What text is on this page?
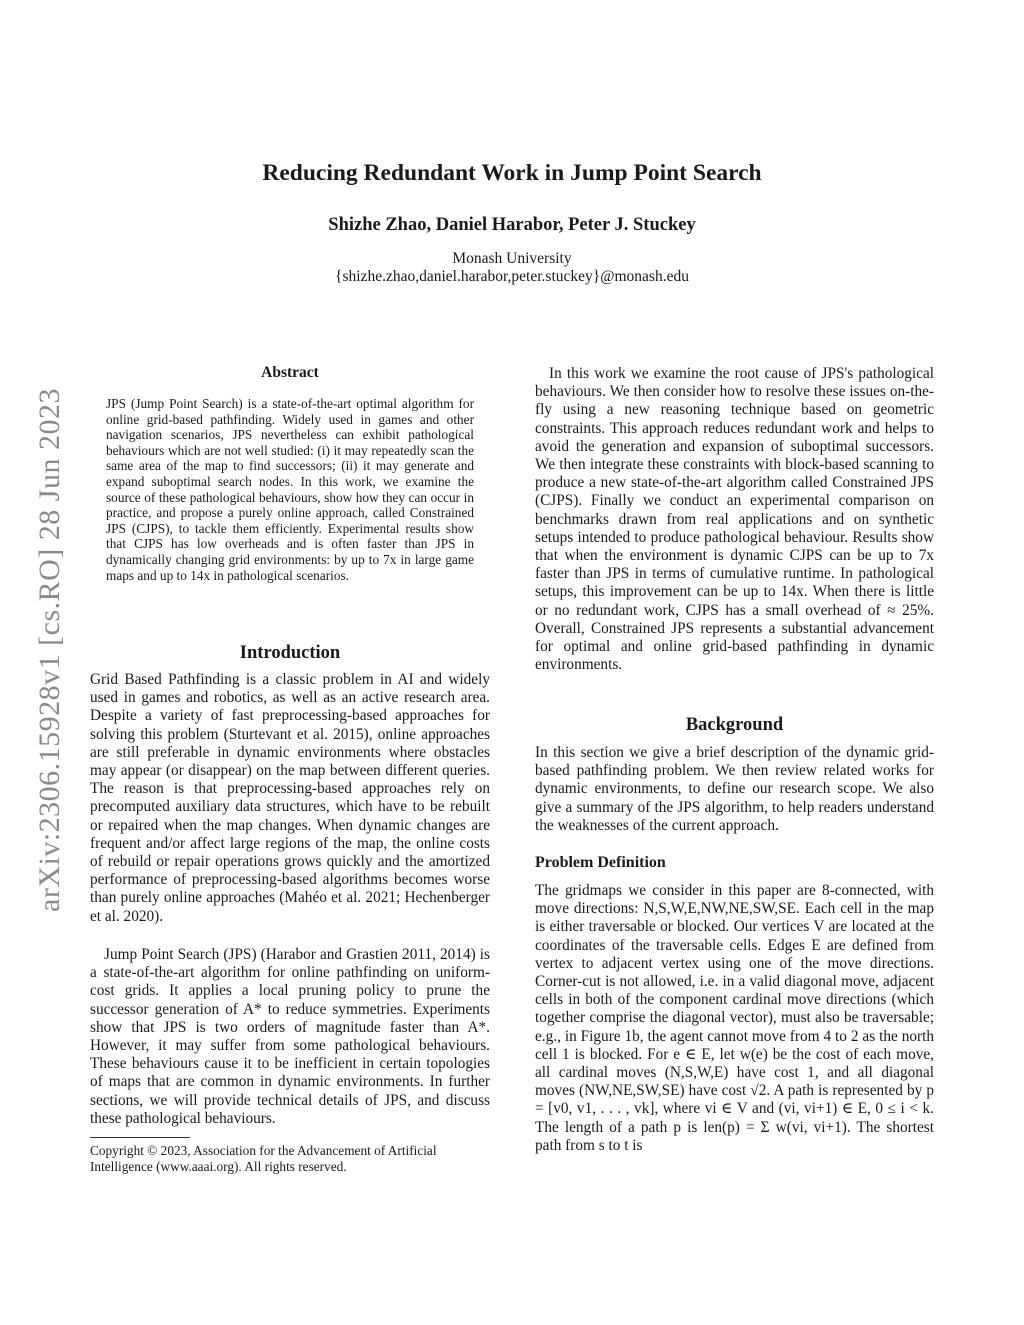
arXiv:2306.15928v1 [cs.RO] 28 Jun 2023
Reducing Redundant Work in Jump Point Search
Shizhe Zhao, Daniel Harabor, Peter J. Stuckey
Monash University
{shizhe.zhao,daniel.harabor,peter.stuckey}@monash.edu
Abstract
JPS (Jump Point Search) is a state-of-the-art optimal algorithm for online grid-based pathfinding. Widely used in games and other navigation scenarios, JPS nevertheless can exhibit pathological behaviours which are not well studied: (i) it may repeatedly scan the same area of the map to find successors; (ii) it may generate and expand suboptimal search nodes. In this work, we examine the source of these pathological behaviours, show how they can occur in practice, and propose a purely online approach, called Constrained JPS (CJPS), to tackle them efficiently. Experimental results show that CJPS has low overheads and is often faster than JPS in dynamically changing grid environments: by up to 7x in large game maps and up to 14x in pathological scenarios.
Introduction
Grid Based Pathfinding is a classic problem in AI and widely used in games and robotics, as well as an active research area. Despite a variety of fast preprocessing-based approaches for solving this problem (Sturtevant et al. 2015), online approaches are still preferable in dynamic environments where obstacles may appear (or disappear) on the map between different queries. The reason is that preprocessing-based approaches rely on precomputed auxiliary data structures, which have to be rebuilt or repaired when the map changes. When dynamic changes are frequent and/or affect large regions of the map, the online costs of rebuild or repair operations grows quickly and the amortized performance of preprocessing-based algorithms becomes worse than purely online approaches (Mahéo et al. 2021; Hechenberger et al. 2020).
Jump Point Search (JPS) (Harabor and Grastien 2011, 2014) is a state-of-the-art algorithm for online pathfinding on uniform-cost grids. It applies a local pruning policy to prune the successor generation of A* to reduce symmetries. Experiments show that JPS is two orders of magnitude faster than A*. However, it may suffer from some pathological behaviours. These behaviours cause it to be inefficient in certain topologies of maps that are common in dynamic environments. In further sections, we will provide technical details of JPS, and discuss these pathological behaviours.
Copyright © 2023, Association for the Advancement of Artificial Intelligence (www.aaai.org). All rights reserved.
In this work we examine the root cause of JPS's pathological behaviours. We then consider how to resolve these issues on-the-fly using a new reasoning technique based on geometric constraints. This approach reduces redundant work and helps to avoid the generation and expansion of suboptimal successors. We then integrate these constraints with block-based scanning to produce a new state-of-the-art algorithm called Constrained JPS (CJPS). Finally we conduct an experimental comparison on benchmarks drawn from real applications and on synthetic setups intended to produce pathological behaviour. Results show that when the environment is dynamic CJPS can be up to 7x faster than JPS in terms of cumulative runtime. In pathological setups, this improvement can be up to 14x. When there is little or no redundant work, CJPS has a small overhead of ≈ 25%. Overall, Constrained JPS represents a substantial advancement for optimal and online grid-based pathfinding in dynamic environments.
Background
In this section we give a brief description of the dynamic grid-based pathfinding problem. We then review related works for dynamic environments, to define our research scope. We also give a summary of the JPS algorithm, to help readers understand the weaknesses of the current approach.
Problem Definition
The gridmaps we consider in this paper are 8-connected, with move directions: N,S,W,E,NW,NE,SW,SE. Each cell in the map is either traversable or blocked. Our vertices V are located at the coordinates of the traversable cells. Edges E are defined from vertex to adjacent vertex using one of the move directions. Corner-cut is not allowed, i.e. in a valid diagonal move, adjacent cells in both of the component cardinal move directions (which together comprise the diagonal vector), must also be traversable; e.g., in Figure 1b, the agent cannot move from 4 to 2 as the north cell 1 is blocked. For e ∈ E, let w(e) be the cost of each move, all cardinal moves (N,S,W,E) have cost 1, and all diagonal moves (NW,NE,SW,SE) have cost √2. A path is represented by p = [v0, v1, . . . , vk], where vi ∈ V and (vi, vi+1) ∈ E, 0 ≤ i < k. The length of a path p is len(p) = Σ w(vi, vi+1). The shortest path from s to t is
